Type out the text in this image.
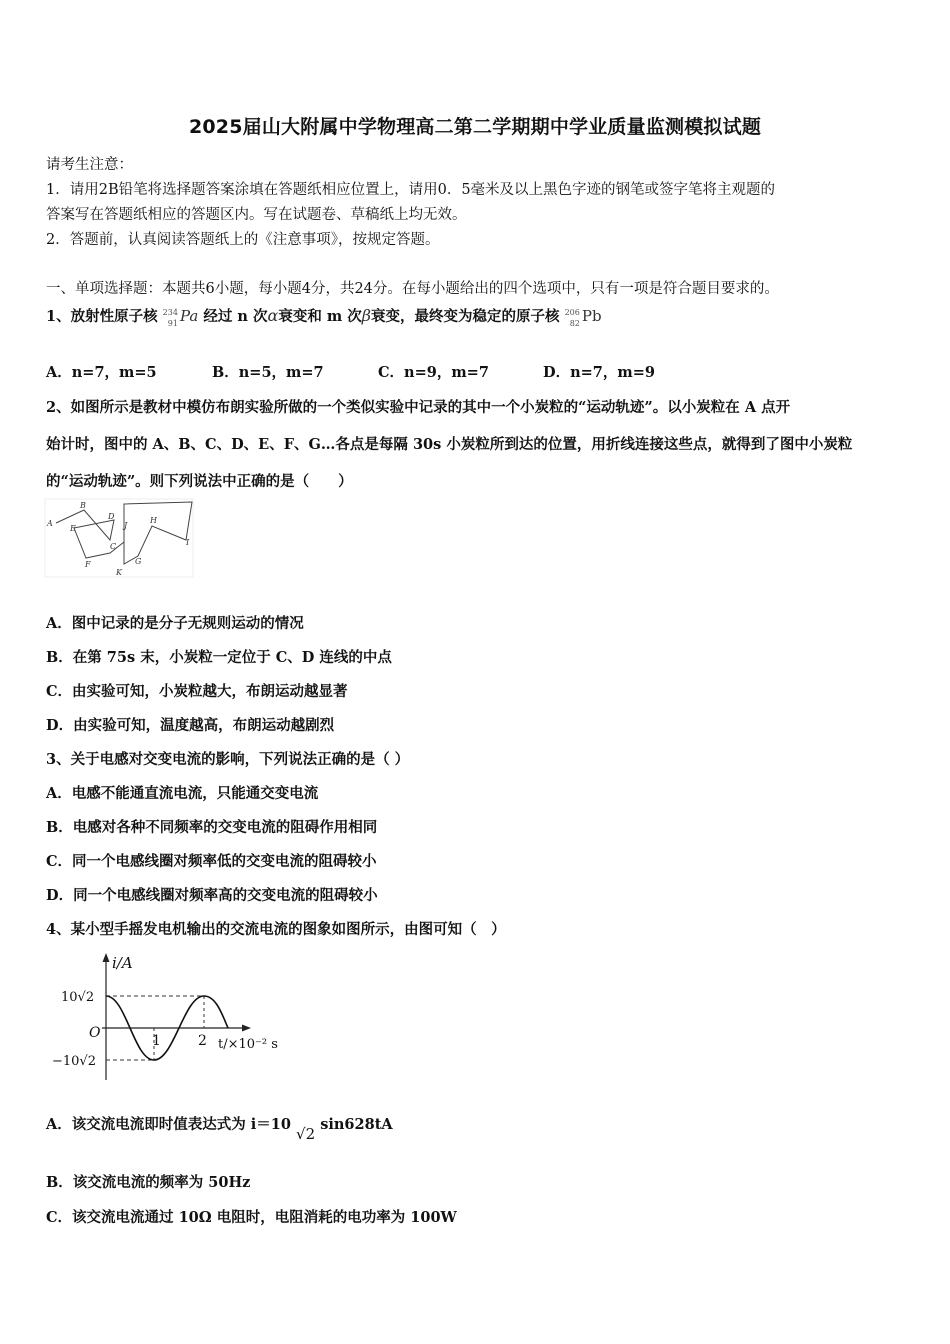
2025届山大附属中学物理高二第二学期期中学业质量监测模拟试题
请考生注意：
1．请用2B铅笔将选择题答案涂填在答题纸相应位置上，请用0．5毫米及以上黑色字迹的钢笔或签字笔将主观题的
答案写在答题纸相应的答题区内。写在试题卷、草稿纸上均无效。
2．答题前，认真阅读答题纸上的《注意事项》，按规定答题。
一、单项选择题：本题共6小题，每小题4分，共24分。在每小题给出的四个选项中，只有一项是符合题目要求的。
1、放射性原子核 234
91 Pa 经过 n 次α衰变和 m 次β衰变，最终变为稳定的原子核 206
82 Pb
A．n=7，m=5	B．n=5，m=7	C．n=9，m=7	D．n=7，m=9
2、如图所示是教材中模仿布朗实验所做的一个类似实验中记录的其中一个小炭粒的“运动轨迹”。以小炭粒在 A 点开
始计时，图中的 A、B、C、D、E、F、G…各点是每隔 30s 小炭粒所到达的位置，用折线连接这些点，就得到了图中小炭粒
的“运动轨迹”。则下列说法中正确的是（　　）
A
B
C
D
E
F	G
H
I
J
K
A．图中记录的是分子无规则运动的情况
B．在第 75s 末，小炭粒一定位于 C、D 连线的中点
C．由实验可知，小炭粒越大，布朗运动越显著
D．由实验可知，温度越高，布朗运动越剧烈
3、关于电感对交变电流的影响，下列说法正确的是（ ）
A．电感不能通直流电流，只能通交变电流
B．电感对各种不同频率的交变电流的阻碍作用相同
C．同一个电感线圈对频率低的交变电流的阻碍较小
D．同一个电感线圈对频率高的交变电流的阻碍较小
4、某小型手摇发电机输出的交流电流的图象如图所示，由图可知（　）
i/A
10√2
−10√2
O	1	2 t/×10⁻² s
A．该交流电流即时值表达式为 i＝10 √2 sin628tA
B．该交流电流的频率为 50Hz
C．该交流电流通过 10Ω 电阻时，电阻消耗的电功率为 100W
